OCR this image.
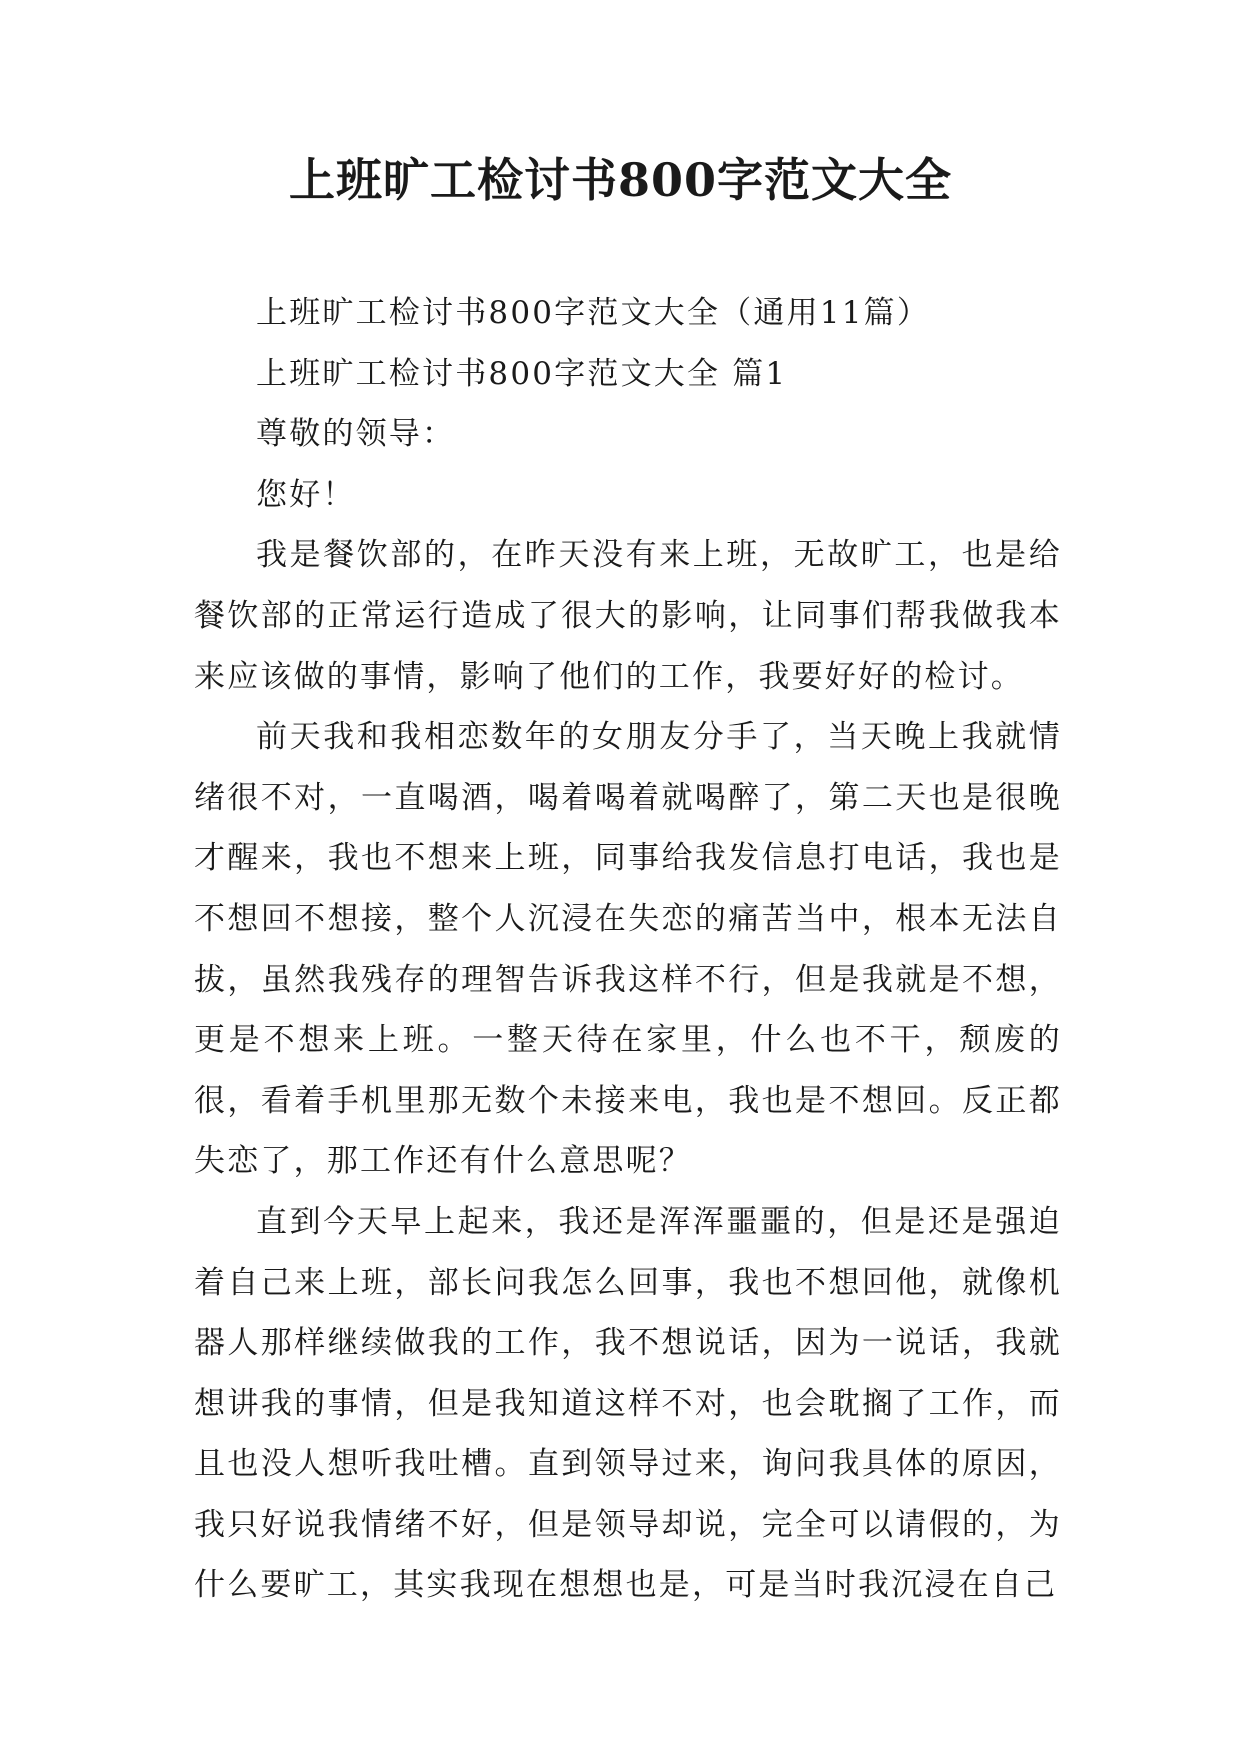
上班旷工检讨书800字范文大全

上班旷工检讨书800字范文大全（通用11篇）

上班旷工检讨书800字范文大全 篇1

尊敬的领导：

您好！

我是餐饮部的，在昨天没有来上班，无故旷工，也是给餐饮部的正常运行造成了很大的影响，让同事们帮我做我本来应该做的事情，影响了他们的工作，我要好好的检讨。

前天我和我相恋数年的女朋友分手了，当天晚上我就情绪很不对，一直喝酒，喝着喝着就喝醉了，第二天也是很晚才醒来，我也不想来上班，同事给我发信息打电话，我也是不想回不想接，整个人沉浸在失恋的痛苦当中，根本无法自拔，虽然我残存的理智告诉我这样不行，但是我就是不想，更是不想来上班。一整天待在家里，什么也不干，颓废的很，看着手机里那无数个未接来电，我也是不想回。反正都失恋了，那工作还有什么意思呢？

直到今天早上起来，我还是浑浑噩噩的，但是还是强迫着自己来上班，部长问我怎么回事，我也不想回他，就像机器人那样继续做我的工作，我不想说话，因为一说话，我就想讲我的事情，但是我知道这样不对，也会耽搁了工作，而且也没人想听我吐槽。直到领导过来，询问我具体的原因，我只好说我情绪不好，但是领导却说，完全可以请假的，为什么要旷工，其实我现在想想也是，可是当时我沉浸在自己
